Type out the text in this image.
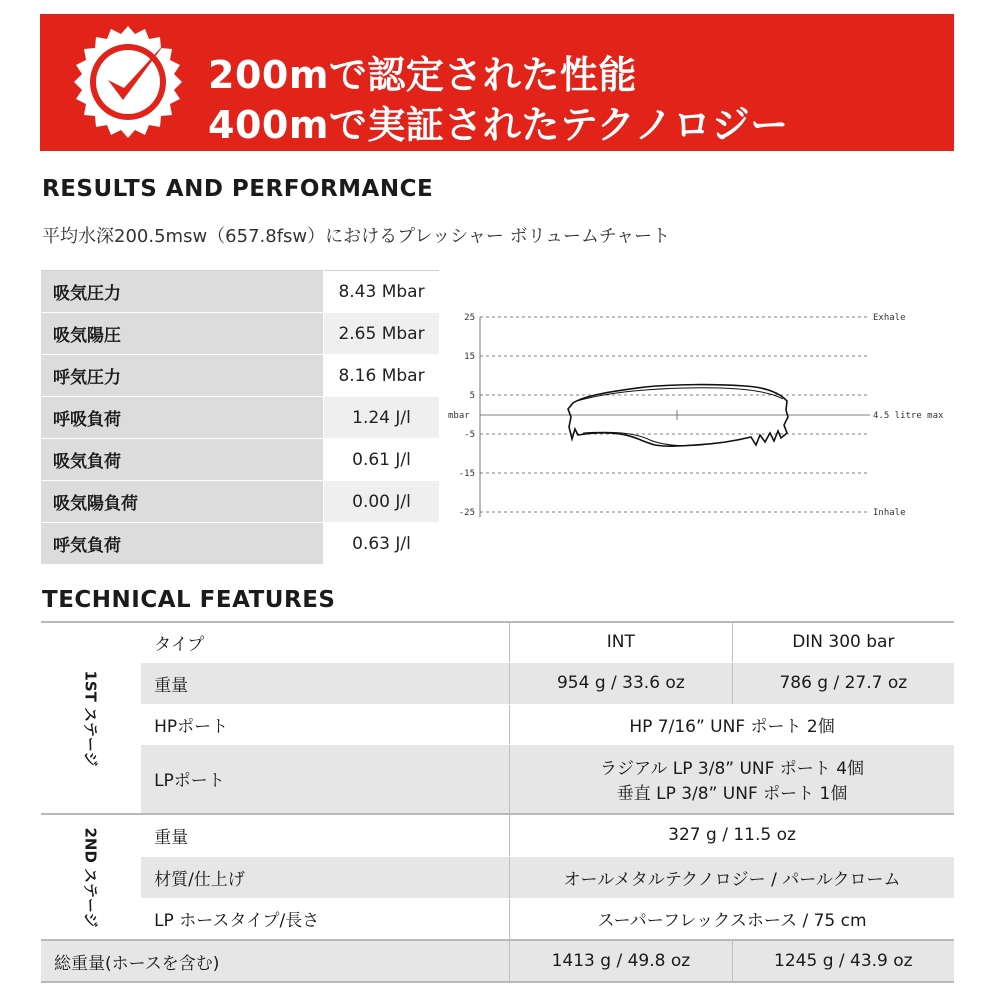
200mで認定された性能
400mで実証されたテクノロジー
RESULTS AND PERFORMANCE
平均水深200.5msw（657.8fsw）におけるプレッシャー ボリュームチャート
吸気圧力	8.43 Mbar
吸気陽圧	2.65 Mbar
呼気圧力	8.16 Mbar
呼吸負荷	1.24 J/l
吸気負荷	0.61 J/l
吸気陽負荷	0.00 J/l
呼気負荷	0.63 J/l
25
15
5
mbar
-5
-15
-25
Exhale
4.5 litre max
Inhale
TECHNICAL FEATURES
1ST ステージ	タイプ	INT	DIN 300 bar
	重量	954 g / 33.6 oz	786 g / 27.7 oz
	HPポート	HP 7/16” UNF ポート 2個	
	LPポート	ラジアル LP 3/8” UNF ポート 4個
垂直 LP 3/8” UNF ポート 1個	

2ND ステージ	重量	327 g / 11.5 oz	
	材質/仕上げ	オールメタルテクノロジー / パールクローム	
	LP ホースタイプ/長さ	スーパーフレックスホース / 75 cm	
総重量(ホースを含む)		1413 g / 49.8 oz	1245 g / 43.9 oz
